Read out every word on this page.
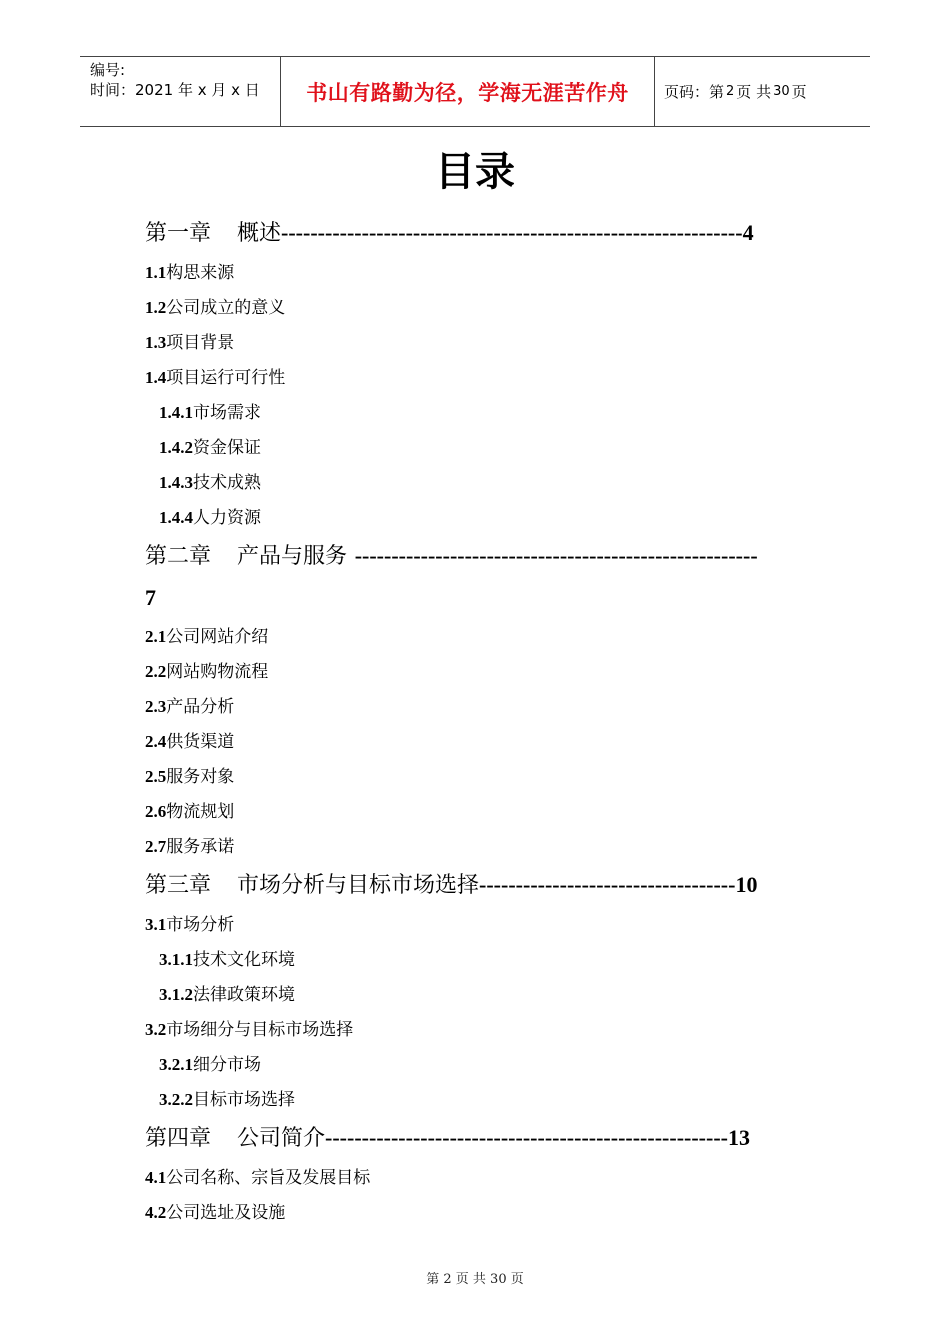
编号:
时间：2021 年 x 月 x 日	书山有路勤为径，学海无涯苦作舟	页码：第 2 页 共 30 页
目录
第一章 概述---------------------------------------------------------------4
1.1构思来源
1.2公司成立的意义
1.3项目背景
1.4项目运行可行性
1.4.1市场需求
1.4.2资金保证
1.4.3技术成熟
1.4.4人力资源
第二章 产品与服务 -------------------------------------------------------
7
2.1公司网站介绍
2.2网站购物流程
2.3产品分析
2.4供货渠道
2.5服务对象
2.6物流规划
2.7服务承诺
第三章 市场分析与目标市场选择-----------------------------------10
3.1市场分析
3.1.1技术文化环境
3.1.2法律政策环境
3.2市场细分与目标市场选择
3.2.1细分市场
3.2.2目标市场选择
第四章 公司简介-------------------------------------------------------13
4.1公司名称、宗旨及发展目标
4.2公司选址及设施
第 2 页 共 30 页
